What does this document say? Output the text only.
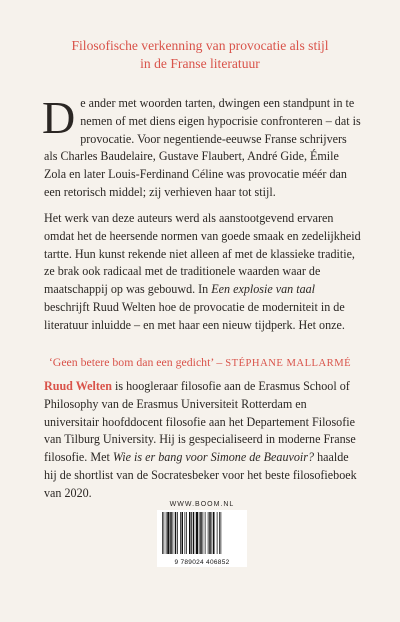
Filosofische verkenning van provocatie als stijl
in de Franse literatuur

De ander met woorden tarten, dwingen een standpunt in te nemen of met diens eigen hypocrisie confronteren – dat is provocatie. Voor negentiende-eeuwse Franse schrijvers als Charles Baudelaire, Gustave Flaubert, André Gide, Émile Zola en later Louis-Ferdinand Céline was provocatie méér dan een retorisch middel; zij verhieven haar tot stijl.

Het werk van deze auteurs werd als aanstootgevend ervaren omdat het de heersende normen van goede smaak en zedelijkheid tartte. Hun kunst rekende niet alleen af met de klassieke traditie, ze brak ook radicaal met de traditionele waarden waar de maatschappij op was gebouwd. In Een explosie van taal beschrijft Ruud Welten hoe de provocatie de moderniteit in de literatuur inluidde – en met haar een nieuw tijdperk. Het onze.

‘Geen betere bom dan een gedicht’ – STÉPHANE MALLARMÉ

Ruud Welten is hoogleraar filosofie aan de Erasmus School of Philosophy van de Erasmus Universiteit Rotterdam en universitair hoofddocent filosofie aan het Departement Filosofie van Tilburg University. Hij is gespecialiseerd in moderne Franse filosofie. Met Wie is er bang voor Simone de Beauvoir? haalde hij de shortlist van de Socratesbeker voor het beste filosofieboek van 2020.

WWW.BOOM.NL
9 789024 406852
